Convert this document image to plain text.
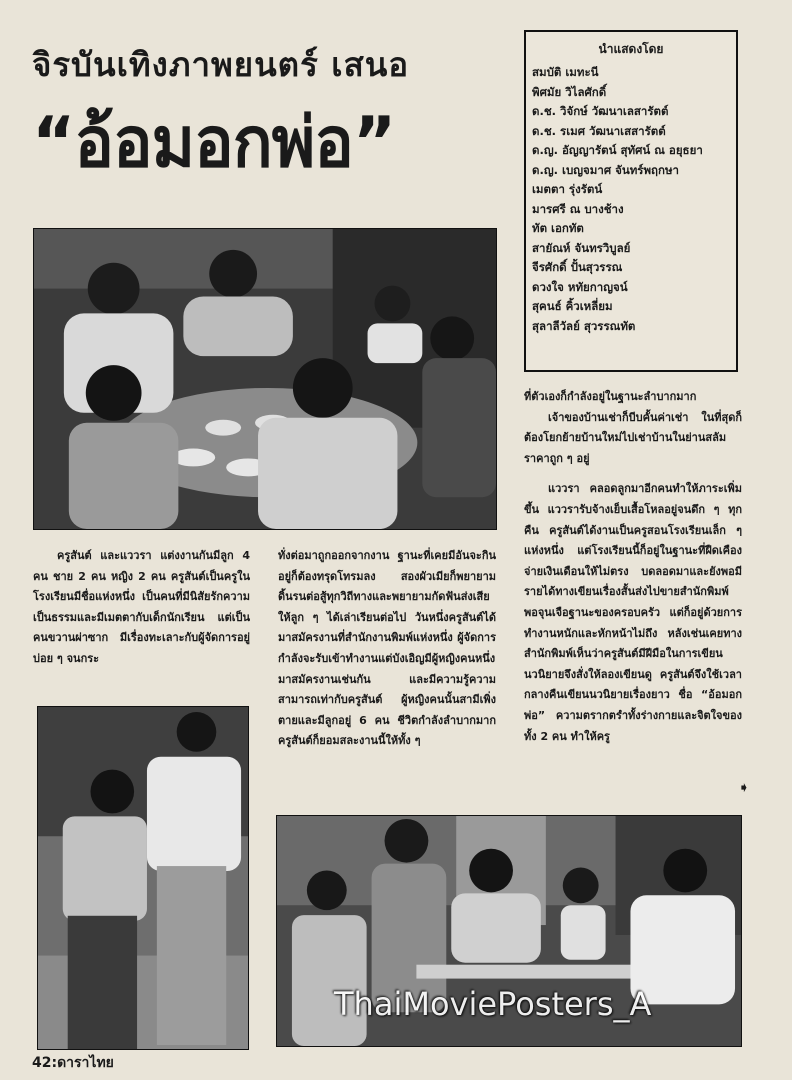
จิรบันเทิงภาพยนตร์ เสนอ
“อ้อมอกพ่อ”
นำแสดงโดย
สมบัติ เมทะนี
พิศมัย วิไลศักดิ์
ด.ช. วิจักษ์ วัฒนาเลสารัตต์
ด.ช. รเมศ วัฒนาเสสารัตต์
ด.ญ. อัญญารัตน์ สุทัศน์ ณ อยุธยา
ด.ญ. เบญจมาศ จันทร์พฤกษา
เมตตา รุ่งรัตน์
มารศรี ณ บางช้าง
ทัต เอกทัต
สายัณห์ จันทรวิบูลย์
จีรศักดิ์ ปั้นสุวรรณ
ดวงใจ หทัยกาญจน์
สุคนธ์ คิ้วเหลี่ยม
สุลาลีวัลย์ สุวรรณทัต

ครูสันต์ และแววรา แต่งงานกันมีลูก 4 คน ชาย 2 คน หญิง 2 คน ครูสันต์เป็นครูในโรงเรียนมีชื่อแห่งหนึ่ง เป็นคนที่มีนิสัยรักความเป็นธรรมและมีเมตตากับเด็กนักเรียน แต่เป็นคนขวานผ่าซาก มีเรื่องทะเลาะกับผู้จัดการอยู่บ่อย ๆ จนกระ

ทั่งต่อมาถูกออกจากงาน ฐานะที่เคยมีอันจะกินอยู่ก็ต้องทรุดโทรมลง สองผัวเมียก็พยายามดิ้นรนต่อสู้ทุกวิถีทางและพยายามกัดฟันส่งเสียให้ลูก ๆ ได้เล่าเรียนต่อไป วันหนึ่งครูสันต์ได้มาสมัครงานที่สำนักงานพิมพ์แห่งหนึ่ง ผู้จัดการกำลังจะรับเข้าทำงานแต่บังเอิญมีผู้หญิงคนหนึ่งมาสมัครงานเช่นกัน และมีความรู้ความสามารถเท่ากับครูสันต์ ผู้หญิงคนนั้นสามีเพิ่งตายและมีลูกอยู่ 6 คน ชีวิตกำลังลำบากมาก ครูสันต์ก็ยอมสละงานนี้ให้ทั้ง ๆ

ที่ตัวเองก็กำลังอยู่ในฐานะลำบากมาก

เจ้าของบ้านเช่าก็บีบคั้นค่าเช่า ในที่สุดก็ต้องโยกย้ายบ้านใหม่ไปเช่าบ้านในย่านสลัมราคาถูก ๆ อยู่

แววรา คลอดลูกมาอีกคนทำให้ภาระเพิ่มขึ้น แววรารับจ้างเย็บเสื้อโหลอยู่จนดึก ๆ ทุกคืน ครูสันต์ได้งานเป็นครูสอนโรงเรียนเล็ก ๆ แห่งหนึ่ง แต่โรงเรียนนี้ก็อยู่ในฐานะที่ฝืดเคือง จ่ายเงินเดือนให้ไม่ตรง บดลอดมาและยังพอมีรายได้ทางเขียนเรื่องสั้นส่งไปขายสำนักพิมพ์พอจุนเจือฐานะของครอบครัว แต่ก็อยู่ด้วยการทำงานหนักและหักหน้าไม่ถึง หลังเช่นเคยทางสำนักพิมพ์เห็นว่าครูสันต์มีฝีมือในการเขียนนวนิยายจึงสั่งให้ลองเขียนดู ครูสันต์จึงใช้เวลากลางคืนเขียนนวนิยายเรื่องยาว ชื่อ “อ้อมอกพ่อ” ความตรากตรำทั้งร่างกายและจิตใจของทั้ง 2 คน ทำให้ครู

➧
ThaiMoviePosters_A
42:ดาราไทย
